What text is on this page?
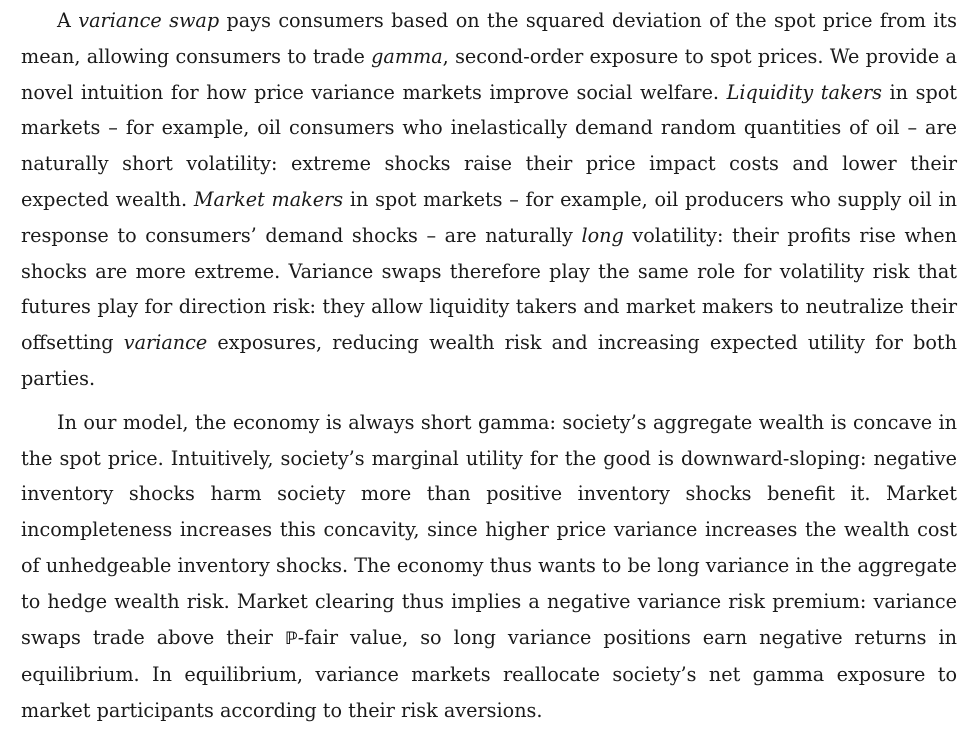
A variance swap pays consumers based on the squared deviation of the spot price from its mean, allowing consumers to trade gamma, second-order exposure to spot prices. We provide a novel intuition for how price variance markets improve social welfare. Liquidity takers in spot markets – for example, oil consumers who inelastically demand random quantities of oil – are naturally short volatility: extreme shocks raise their price impact costs and lower their expected wealth. Market makers in spot markets – for example, oil producers who supply oil in response to consumers’ demand shocks – are naturally long volatility: their profits rise when shocks are more extreme. Variance swaps therefore play the same role for volatility risk that futures play for direction risk: they allow liquidity takers and market makers to neutralize their offsetting variance exposures, reducing wealth risk and increasing expected utility for both parties.

In our model, the economy is always short gamma: society’s aggregate wealth is concave in the spot price. Intuitively, society’s marginal utility for the good is downward-sloping: negative inventory shocks harm society more than positive inventory shocks benefit it. Market incompleteness increases this concavity, since higher price variance increases the wealth cost of unhedgeable inventory shocks. The economy thus wants to be long variance in the aggregate to hedge wealth risk. Market clearing thus implies a negative variance risk premium: variance swaps trade above their ℙ-fair value, so long variance positions earn negative returns in equilibrium. In equilibrium, variance markets reallocate society’s net gamma exposure to market participants according to their risk aversions.
